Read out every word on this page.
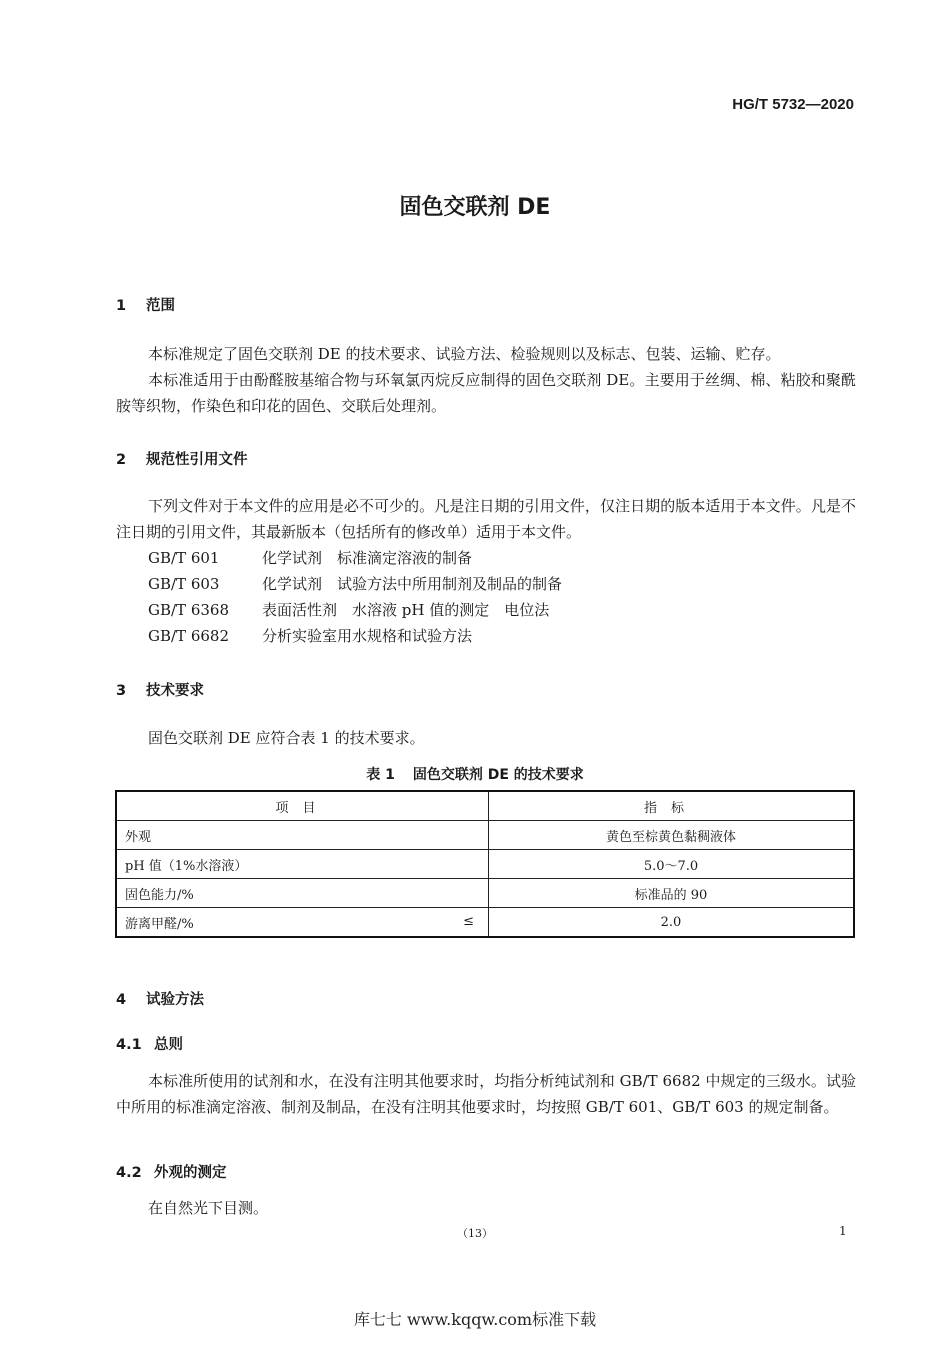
HG/T 5732—2020
固色交联剂 DE
1 范围

本标准规定了固色交联剂 DE 的技术要求、试验方法、检验规则以及标志、包装、运输、贮存。

本标准适用于由酚醛胺基缩合物与环氧氯丙烷反应制得的固色交联剂 DE。主要用于丝绸、棉、粘胶和聚酰胺等织物，作染色和印花的固色、交联后处理剂。

2 规范性引用文件

下列文件对于本文件的应用是必不可少的。凡是注日期的引用文件，仅注日期的版本适用于本文件。凡是不注日期的引用文件，其最新版本（包括所有的修改单）适用于本文件。

GB/T 601	化学试剂　标准滴定溶液的制备
GB/T 603	化学试剂　试验方法中所用制剂及制品的制备
GB/T 6368 表面活性剂　水溶液 pH 值的测定　电位法
GB/T 6682 分析实验室用水规格和试验方法
3 技术要求

固色交联剂 DE 应符合表 1 的技术要求。

表 1 固色交联剂 DE 的技术要求
项目	指标
外观	黄色至棕黄色黏稠液体
pH 值（1%水溶液）	5.0～7.0
固色能力/%	标准品的 90
游离甲醛/% ≤	2.0
4 试验方法
4.1 总则

本标准所使用的试剂和水，在没有注明其他要求时，均指分析纯试剂和 GB/T 6682 中规定的三级水。试验中所用的标准滴定溶液、制剂及制品，在没有注明其他要求时，均按照 GB/T 601、GB/T 603 的规定制备。

4.2 外观的测定

在自然光下目测。

（13）	1
库七七 www.kqqw.com标准下载
